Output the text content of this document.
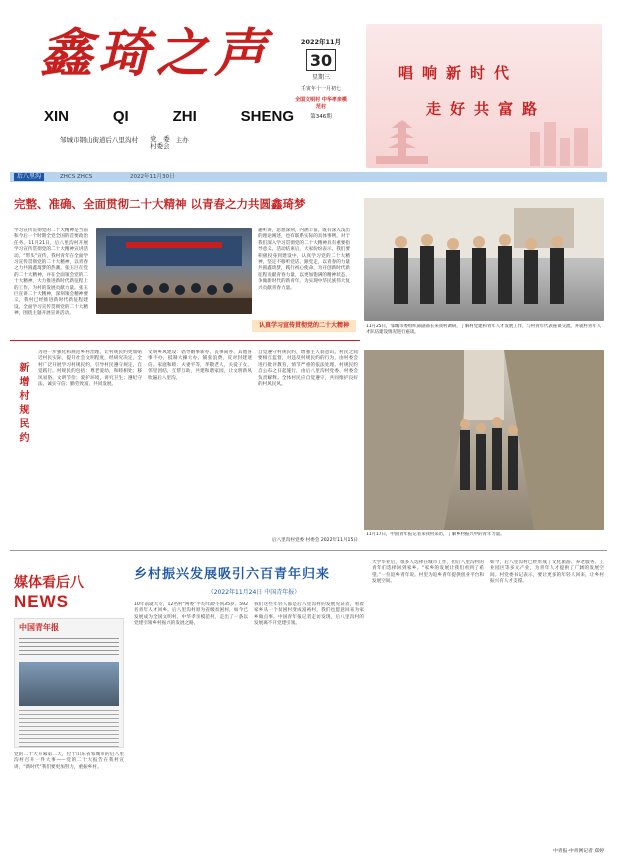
鑫琦之声
XIN	QI	ZHI	SHENG
邹城市钢山街道后八里沟村 党　委
村委会
主办
2022年11月
30
星期三
壬寅年十一月初七
全国文明村 中华孝亲模范村
第346期
唱响新时代
走好共富路
后八里沟	ZHCS ZHCS	2022年11月30日
完整、准确、全面贯彻二十大精神 以青春之力共圆鑫琦梦
学习宣传贯彻党的二十大精神是当前和今后一个时期全党全国的首要政治任务。11月21日，后八里沟村开展学习宣传贯彻党的二十大精神宣讲活动。“带头”宣传，我村青年在全面学习宣传贯彻党的二十大精神，以青春之力共圆鑫琦梦的热潮。张玉巨在党的二十大精神，并在全面领会党的二十大精神，大力推进新时代新征程上的工作，为村的发展贡献力量。张玉巨宣讲二十大精神，深刻领会精神要义，我村已经推进新时代新征程建设。全面学习宣传贯彻党的二十大精神，围绕主题开展宣讲活动。
趣听讲，思想深刻，内涵丰富，既有深入浅出的理论阐述，也有联系实际的具体事例，对于我们深入学习贯彻党的二十大精神具有重要指导意义。活动结束后，大家纷纷表示，我们要积极投身到建设中，认真学习党的二十大精神，坚定不移听党话、跟党走，以青春的力量共圆鑫琦梦，践行初心使命，为开创新时代新征程贡献青春力量，以更加饱满的精神状态，争做新时代的新青年，为实现中华民族伟大复兴贡献青春力量。
认真学习宣传贯彻党的二十大精神	11月25日，邹城市委组织部副部长来我村调研，了解村党建和青年人才发展工作，与村青年代表座谈交流，并就村青年人才队伍建设情况进行座谈。
新增村规民约
为进一步强化和规范乡村治理，让村规民约更加贴近村民实际，提升社会文明程度，经研究决定，全村广泛开展学习村规民约，引导村民遵守规定，自觉践行。村规民约包括：尊老爱幼，和睦相处；移风易俗，文明节俭；爱护环境，讲究卫生；遵纪守法，诚实守信；勤劳致富，共同发展。
文明乡风建设：倡导婚事新办、丧事简办、其他喜事不办，抵制大操大办、铺张浪费，反对封建迷信。家庭和睦：夫妻平等，孝敬老人，关爱子女，邻里团结，互帮互助，共建和谐家园，让文明新风吹遍后八里沟。
自觉遵守村规民约，增强主人翁意识。村民之间要相互监督，对违反村规民约的行为，由村委会进行批评教育，情节严重的依法处理。村规民约自公布之日起施行，由后八里沟村党委、村委会负责解释。全体村民应自觉遵守，共同维护良好的村风民风。
后八里沟村党委 村委会 2022年11月15日
11月17日，中国青年报记者来我村采访，了解乡村振兴中的青年力量。
媒体看后八
NEWS
中国青年报
党的二十大开幕第二天，位于山东省邹城市的后八里沟村召开一件大事——党的二十大报告在我村宣讲，“新时代”我们要更加努力，重振乡村。
乡村振兴发展吸引六百青年归来
（2022年11月24日 中国青年报）
10年前就大专，12名村“两委”平均年龄不到35岁，592名青年人才回乡。后八里沟村原为省级贫困村，如今已发展成为全国文明村、中华孝亲模范村，走出了一条以党建引领乡村振兴的发展之路。
我们这些年轻人都是后八里沟村的发展见证者，看着家乡从一个贫困村变成富裕村，我们也愿意回来为家乡做点事。中国青年报记者走访发现，后八里沟村的发展离不开党建引领。
大学毕业后，很多人选择在城市工作，但后八里沟村的青年们选择回到家乡。“家乡的发展让我们看到了希望。”一位返乡青年说。村里为返乡青年提供创业平台和发展空间。
如今，后八里沟村已经形成了文化旅游、养老服务、工业园区等多元产业，为青年人才提供了广阔的发展空间。村党委书记表示，要让更多的年轻人回来，让乡村振兴有人才支撑。
中青报·中青网记者 郑婷
